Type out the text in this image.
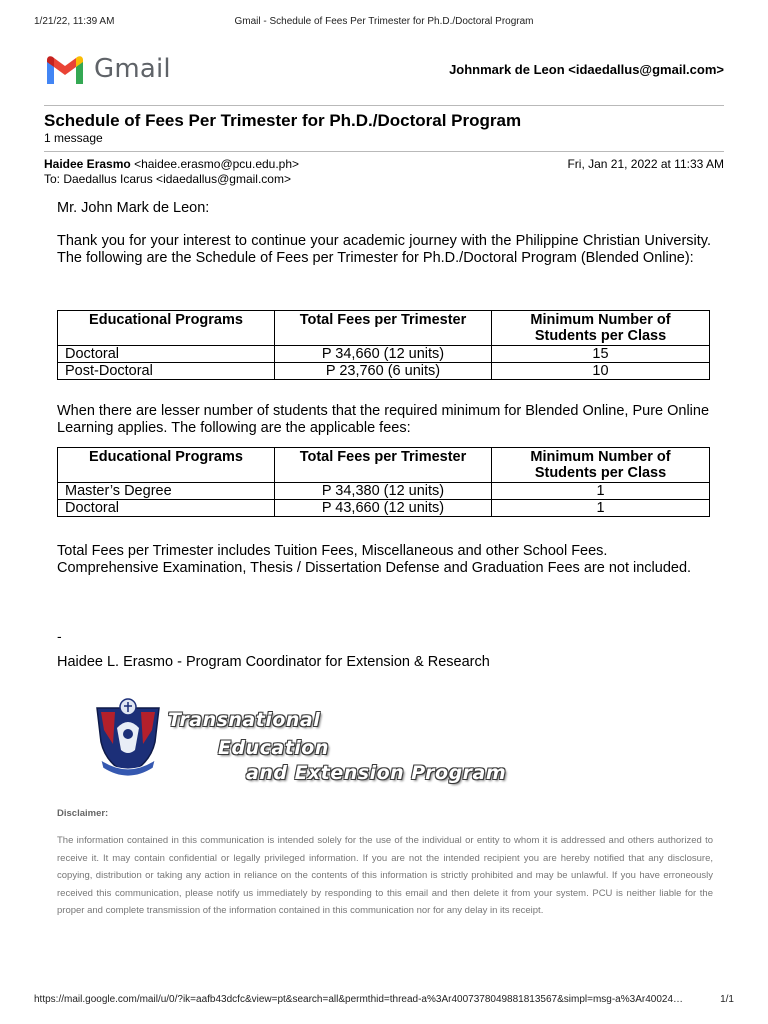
1/21/22, 11:39 AM	Gmail - Schedule of Fees Per Trimester for Ph.D./Doctoral Program
Gmail	Johnmark de Leon <idaedallus@gmail.com>
Schedule of Fees Per Trimester for Ph.D./Doctoral Program
1 message
Haidee Erasmo <haidee.erasmo@pcu.edu.ph>	Fri, Jan 21, 2022 at 11:33 AM
To: Daedallus Icarus <idaedallus@gmail.com>
Mr. John Mark de Leon:
Thank you for your interest to continue your academic journey with the Philippine Christian University. The following are the Schedule of Fees per Trimester for Ph.D./Doctoral Program (Blended Online):
Educational Programs	Total Fees per Trimester	Minimum Number of Students per Class
Doctoral	P 34,660 (12 units)	15
Post-Doctoral	P 23,760 (6 units)	10
When there are lesser number of students that the required minimum for Blended Online, Pure Online Learning applies. The following are the applicable fees:
Educational Programs	Total Fees per Trimester	Minimum Number of Students per Class
Master’s Degree	P 34,380 (12 units)	1
Doctoral	P 43,660 (12 units)	1
Total Fees per Trimester includes Tuition Fees, Miscellaneous and other School Fees. Comprehensive Examination, Thesis / Dissertation Defense and Graduation Fees are not included.
-
Haidee L. Erasmo - Program Coordinator for Extension & Research
Transnational
Education
and Extension Program
Disclaimer:
The information contained in this communication is intended solely for the use of the individual or entity to whom it is addressed and others authorized to receive it. It may contain confidential or legally privileged information. If you are not the intended recipient you are hereby notified that any disclosure, copying, distribution or taking any action in reliance on the contents of this information is strictly prohibited and may be unlawful. If you have erroneously received this communication, please notify us immediately by responding to this email and then delete it from your system. PCU is neither liable for the proper and complete transmission of the information contained in this communication nor for any delay in its receipt.
https://mail.google.com/mail/u/0/?ik=aafb43dcfc&view=pt&search=all&permthid=thread-a%3Ar4007378049881813567&simpl=msg-a%3Ar40024…	1/1
